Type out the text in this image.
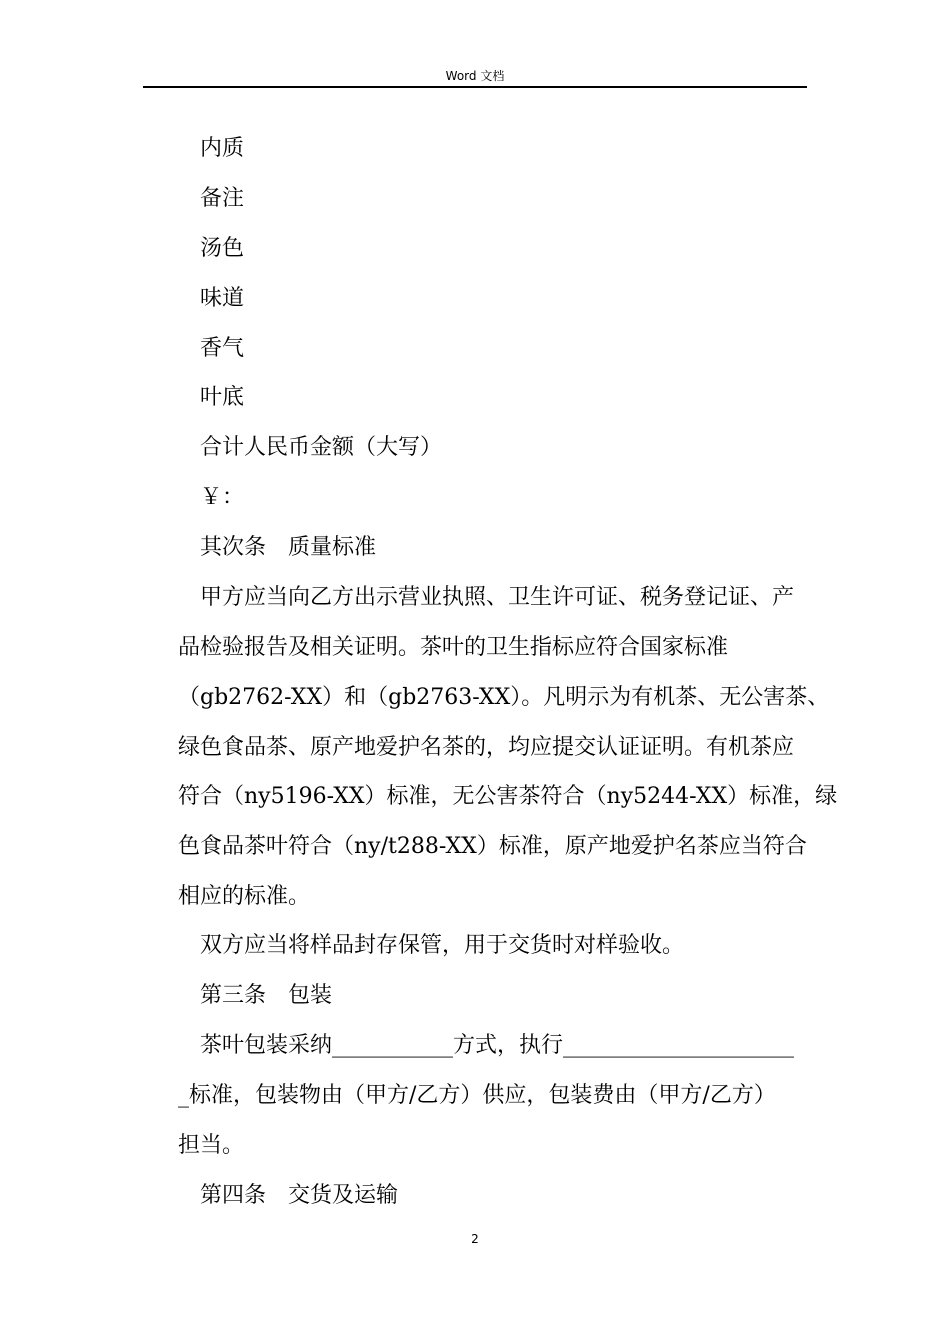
Word 文档
内质
备注
汤色
味道
香气
叶底
合计人民币金额（大写）
￥：
其次条　质量标准
甲方应当向乙方出示营业执照、卫生许可证、税务登记证、产
品检验报告及相关证明。茶叶的卫生指标应符合国家标准
（gb2762-XX）和（gb2763-XX）。凡明示为有机茶、无公害茶、
绿色食品茶、原产地爱护名茶的，均应提交认证证明。有机茶应
符合（ny5196-XX）标准，无公害茶符合（ny5244-XX）标准，绿
色食品茶叶符合（ny/t288-XX）标准，原产地爱护名茶应当符合
相应的标准。
双方应当将样品封存保管，用于交货时对样验收。
第三条　包装
茶叶包装采纳___________方式，执行_____________________
_标准，包装物由（甲方/乙方）供应，包装费由（甲方/乙方）
担当。
第四条　交货及运输
2
